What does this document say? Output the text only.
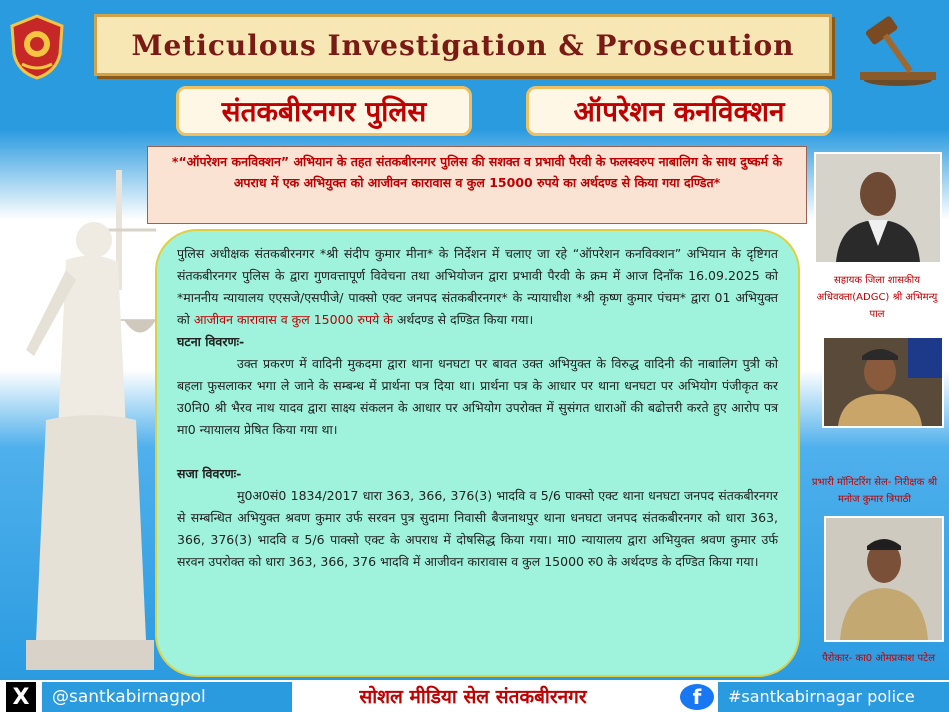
Meticulous Investigation & Prosecution
संतकबीरनगर पुलिस	ऑपरेशन कनविक्शन
*“ऑपरेशन कनविक्शन” अभियान के तहत संतकबीरनगर पुलिस की सशक्त व प्रभावी पैरवी के फलस्वरुप नाबालिग के साथ दुष्कर्म के अपराध में एक अभियुक्त को आजीवन कारावास व कुल 15000 रुपये का अर्थदण्ड से किया गया दण्डित*

पुलिस अधीक्षक संतकबीरनगर *श्री संदीप कुमार मीना* के निर्देशन में चलाए जा रहे “ऑपरेशन कनविक्शन” अभियान के दृष्टिगत संतकबीरनगर पुलिस के द्वारा गुणवत्तापूर्ण विवेचना तथा अभियोजन द्वारा प्रभावी पैरवी के क्रम में आज दिनाँक 16.09.2025 को *माननीय न्यायालय एएसजे/एसपीजे/ पाक्सो एक्ट जनपद संतकबीरनगर* के न्यायाधीश *श्री कृष्ण कुमार पंचम* द्वारा 01 अभियुक्त को आजीवन कारावास व कुल 15000 रुपये के अर्थदण्ड से दण्डित किया गया।

घटना विवरणः-

उक्त प्रकरण में वादिनी मुकदमा द्वारा थाना धनघटा पर बावत उक्त अभियुक्त के विरुद्ध वादिनी की नाबालिग पुत्री को बहला फुसलाकर भगा ले जाने के सम्बन्ध में प्रार्थना पत्र दिया था। प्रार्थना पत्र के आधार पर थाना धनघटा पर अभियोग पंजीकृत कर उ0नि0 श्री भैरव नाथ यादव द्वारा साक्ष्य संकलन के आधार पर अभियोग उपरोक्त में सुसंगत धाराओं की बढोत्तरी करते हुए आरोप पत्र मा0 न्यायालय प्रेषित किया गया था।

सजा विवरणः-

मु0अ0सं0 1834/2017 धारा 363, 366, 376(3) भादवि व 5/6 पाक्सो एक्ट थाना धनघटा जनपद संतकबीरनगर से सम्बन्धित अभियुक्त श्रवण कुमार उर्फ सरवन पुत्र सुदामा निवासी बैजनाथपुर थाना धनघटा जनपद संतकबीरनगर को धारा 363, 366, 376(3) भादवि व 5/6 पाक्सो एक्ट के अपराध में दोषसिद्ध किया गया। मा0 न्यायालय द्वारा अभियुक्त श्रवण कुमार उर्फ सरवन उपरोक्त को धारा 363, 366, 376 भादवि में आजीवन कारावास व कुल 15000 रु0 के अर्थदण्ड के दण्डित किया गया।

सहायक जिला शासकीय अधिवक्ता(ADGC) श्री अभिमन्यु पाल
प्रभारी मॉनिटरिंग सेल- निरीक्षक श्री मनोज कुमार त्रिपाठी
पैरोकार- का0 ओमप्रकाश पटेल
X	@santkabirnagpol	सोशल मीडिया सेल संतकबीरनगर	f	#santkabirnagar police
